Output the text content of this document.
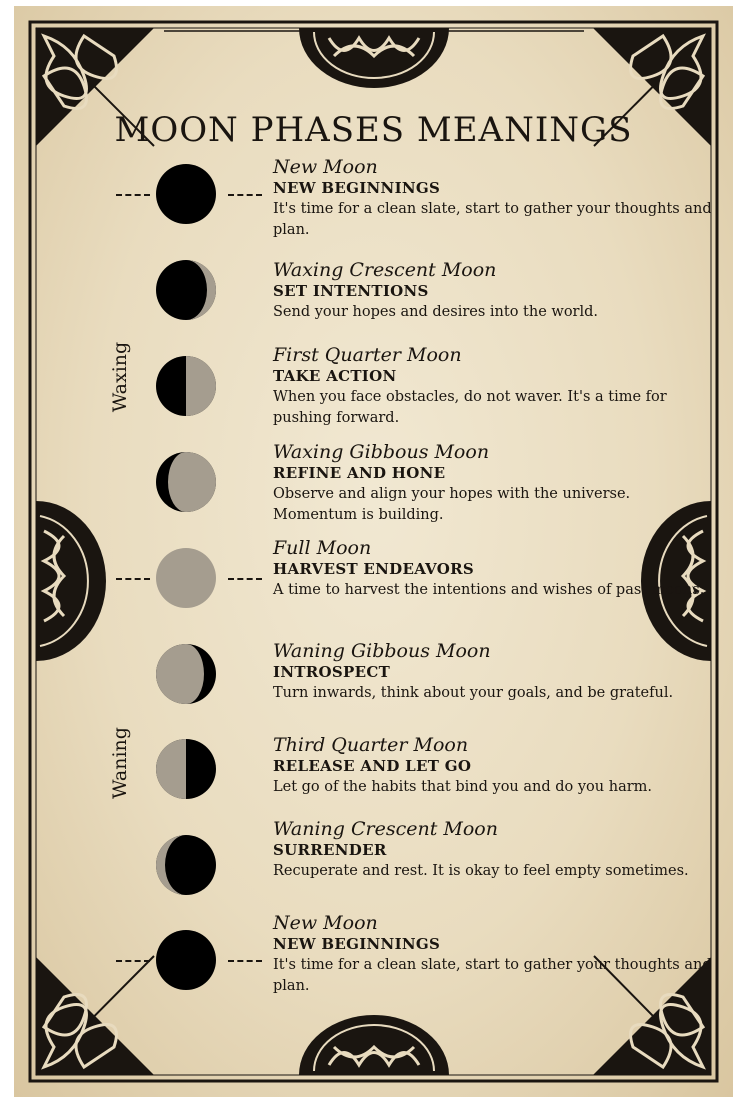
MOON PHASES MEANINGS
Waxing
Waning
New Moon
NEW BEGINNINGS
It's time for a clean slate, start to gather your thoughts and plan.
Waxing Crescent Moon
SET INTENTIONS
Send your hopes and desires into the world.
First Quarter Moon
TAKE ACTION
When you face obstacles, do not waver. It's a time for pushing forward.
Waxing Gibbous Moon
REFINE AND HONE
Observe and align your hopes with the universe. Momentum is building.
Full Moon
HARVEST ENDEAVORS
A time to harvest the intentions and wishes of past moons.
Waning Gibbous Moon
INTROSPECT
Turn inwards, think about your goals, and be grateful.
Third Quarter Moon
RELEASE AND LET GO
Let go of the habits that bind you and do you harm.
Waning Crescent Moon
SURRENDER
Recuperate and rest. It is okay to feel empty sometimes.
New Moon
NEW BEGINNINGS
It's time for a clean slate, start to gather your thoughts and plan.
